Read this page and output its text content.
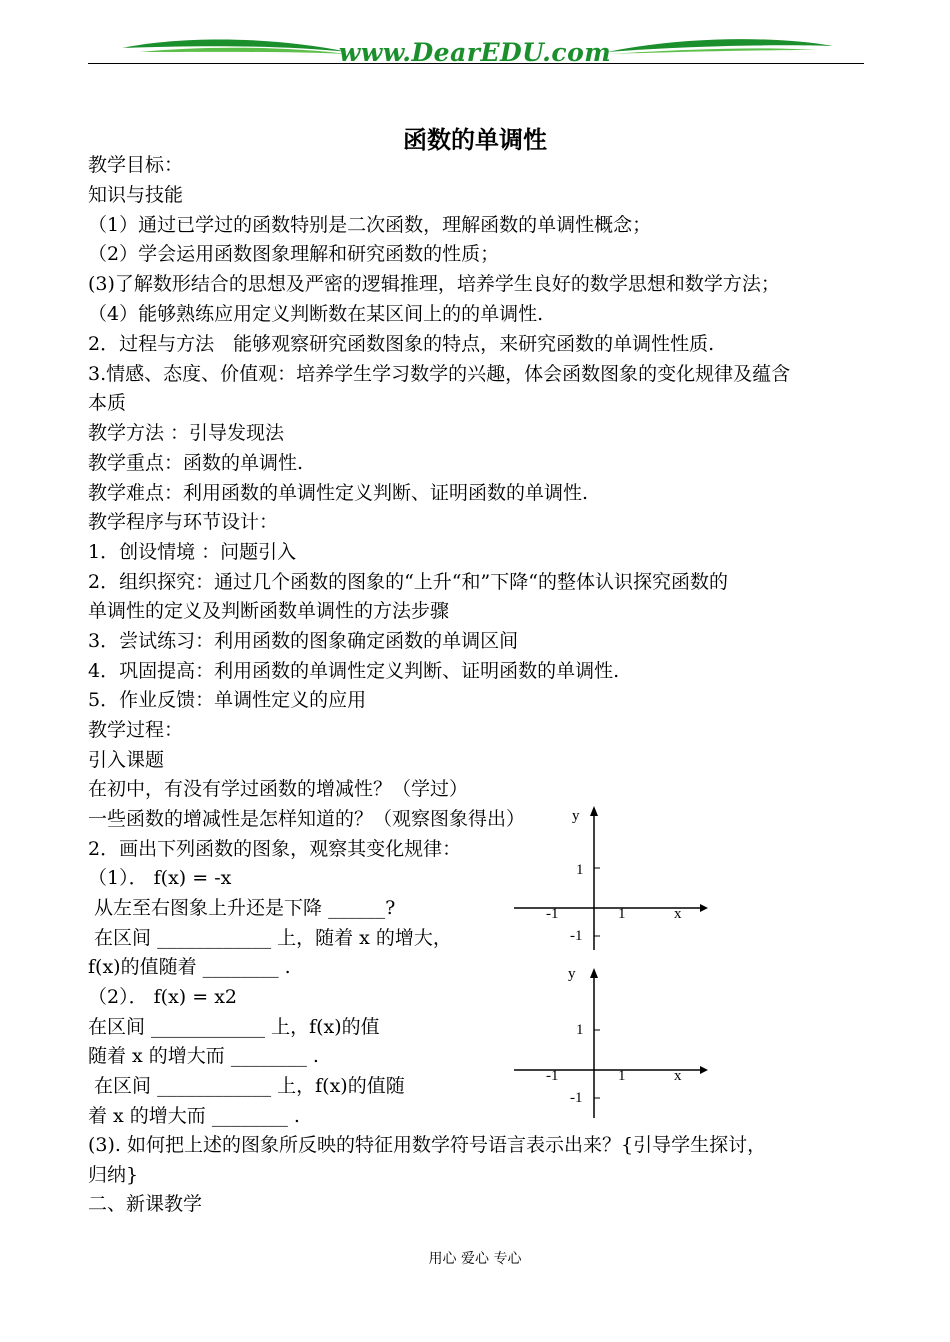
www.DearEDU.com
函数的单调性
教学目标：
知识与技能
（1）通过已学过的函数特别是二次函数，理解函数的单调性概念；
（2）学会运用函数图象理解和研究函数的性质；
(3)了解数形结合的思想及严密的逻辑推理，培养学生良好的数学思想和数学方法；
（4）能够熟练应用定义判断数在某区间上的的单调性.
2．过程与方法　能够观察研究函数图象的特点，来研究函数的单调性性质.
3.情感、态度、价值观：培养学生学习数学的兴趣，体会函数图象的变化规律及蕴含
本质
教学方法 ：引导发现法
教学重点：函数的单调性.
教学难点：利用函数的单调性定义判断、证明函数的单调性.
教学程序与环节设计：
1．创设情境 ：问题引入
2．组织探究：通过几个函数的图象的“上升“和”下降“的整体认识探究函数的
单调性的定义及判断函数单调性的方法步骤
3．尝试练习：利用函数的图象确定函数的单调区间
4．巩固提高：利用函数的单调性定义判断、证明函数的单调性.
5．作业反馈：单调性定义的应用
教学过程：
引入课题
在初中，有没有学过函数的增减性？（学过）
一些函数的增减性是怎样知道的？（观察图象得出）
2．画出下列函数的图象，观察其变化规律：
（1）． f(x) = -x
从左至右图象上升还是下降 ______?
在区间 ____________ 上，随着 x 的增大，
f(x)的值随着 ________ .
（2）． f(x) = x2
在区间 ____________ 上，f(x)的值
随着 x 的增大而 ________ .
在区间 ____________ 上，f(x)的值随
着 x 的增大而 ________ .
(3). 如何把上述的图象所反映的特征用数学符号语言表示出来？{引导学生探讨，
归纳}
二、新课教学
y
1
-1	1	x
-1
y
1
-1	1	x
-1
用心 爱心 专心
